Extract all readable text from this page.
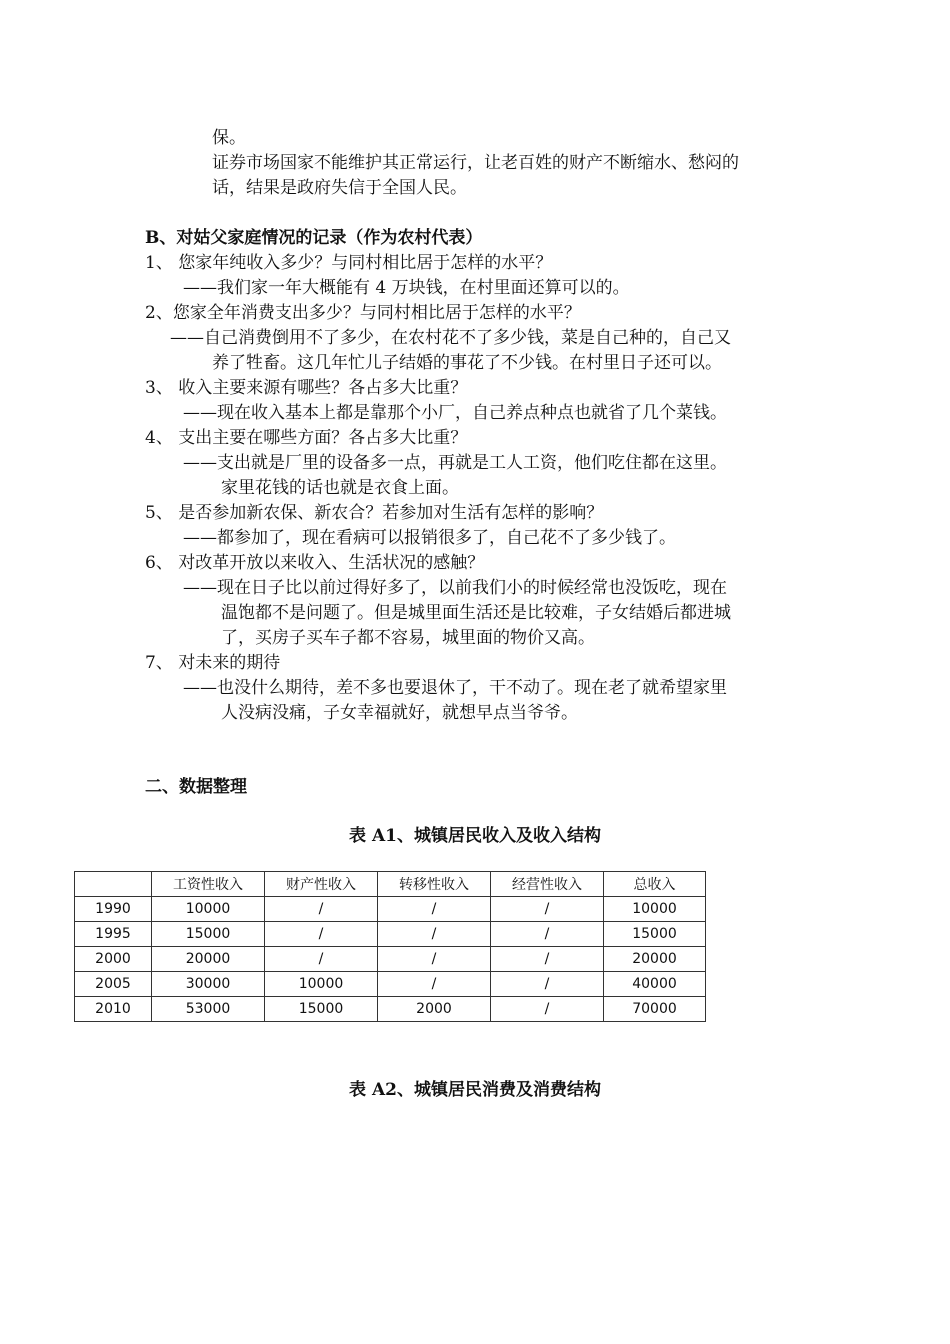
保。
证券市场国家不能维护其正常运行，让老百姓的财产不断缩水、愁闷的
话，结果是政府失信于全国人民。
B、对姑父家庭情况的记录（作为农村代表）
1、 您家年纯收入多少？与同村相比居于怎样的水平？
——我们家一年大概能有 4 万块钱，在村里面还算可以的。
2、您家全年消费支出多少？与同村相比居于怎样的水平？
——自己消费倒用不了多少，在农村花不了多少钱，菜是自己种的，自己又
养了牲畜。这几年忙儿子结婚的事花了不少钱。在村里日子还可以。
3、 收入主要来源有哪些？各占多大比重？
——现在收入基本上都是靠那个小厂，自己养点种点也就省了几个菜钱。
4、 支出主要在哪些方面？各占多大比重？
——支出就是厂里的设备多一点，再就是工人工资，他们吃住都在这里。
家里花钱的话也就是衣食上面。
5、 是否参加新农保、新农合？若参加对生活有怎样的影响？
——都参加了，现在看病可以报销很多了，自己花不了多少钱了。
6、 对改革开放以来收入、生活状况的感触？
——现在日子比以前过得好多了，以前我们小的时候经常也没饭吃，现在
温饱都不是问题了。但是城里面生活还是比较难，子女结婚后都进城
了，买房子买车子都不容易，城里面的物价又高。
7、 对未来的期待
——也没什么期待，差不多也要退休了，干不动了。现在老了就希望家里
人没病没痛，子女幸福就好，就想早点当爷爷。
二、数据整理
表 A1、城镇居民收入及收入结构
	工资性收入	财产性收入	转移性收入	经营性收入	总收入
1990	10000	/	/	/	10000
1995	15000	/	/	/	15000
2000	20000	/	/	/	20000
2005	30000	10000	/	/	40000
2010	53000	15000	2000	/	70000
表 A2、城镇居民消费及消费结构
